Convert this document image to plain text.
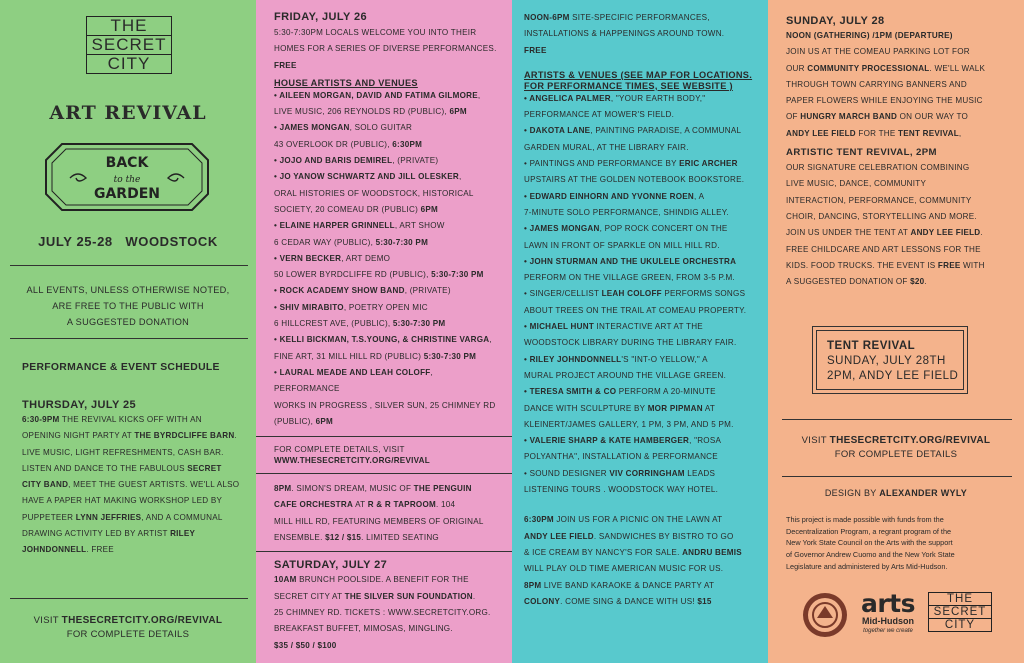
THE
SECRET
CITY
ART REVIVAL
BACK
to the
GARDEN
JULY 25-28   WOODSTOCK
ALL EVENTS, UNLESS OTHERWISE NOTED,
ARE FREE TO THE PUBLIC WITH
A SUGGESTED DONATION
PERFORMANCE & EVENT SCHEDULE
THURSDAY, JULY 25
6:30-9PM THE REVIVAL KICKS OFF WITH AN
OPENING NIGHT PARTY AT THE BYRDCLIFFE BARN.
LIVE MUSIC, LIGHT REFRESHMENTS, CASH BAR.
LISTEN AND DANCE TO THE FABULOUS SECRET
CITY BAND, MEET THE GUEST ARTISTS. WE'LL ALSO
HAVE A PAPER HAT MAKING WORKSHOP LED BY
PUPPETEER LYNN JEFFRIES, AND A COMMUNAL
DRAWING ACTIVITY LED BY ARTIST RILEY
JOHNDONNELL. FREE
VISIT THESECRETCITY.ORG/REVIVAL
FOR COMPLETE DETAILS
FRIDAY, JULY 26
5:30-7:30PM LOCALS WELCOME YOU INTO THEIR
HOMES FOR A SERIES OF DIVERSE PERFORMANCES.
FREE
HOUSE ARTISTS AND VENUES
• AILEEN MORGAN, DAVID AND FATIMA GILMORE,
LIVE MUSIC, 206 REYNOLDS RD (PUBLIC), 6PM
• JAMES MONGAN, SOLO GUITAR
43 OVERLOOK DR (PUBLIC), 6:30PM
• JOJO AND BARIS DEMIREL, (PRIVATE)
• JO YANOW SCHWARTZ AND JILL OLESKER,
ORAL HISTORIES OF WOODSTOCK, HISTORICAL
SOCIETY, 20 COMEAU DR (PUBLIC) 6PM
• ELAINE HARPER GRINNELL, ART SHOW
6 CEDAR WAY (PUBLIC), 5:30-7:30 PM
• VERN BECKER, ART DEMO
50 LOWER BYRDCLIFFE RD (PUBLIC), 5:30-7:30 PM
• ROCK ACADEMY SHOW BAND, (PRIVATE)
• SHIV MIRABITO, POETRY OPEN MIC
6 HILLCREST AVE, (PUBLIC), 5:30-7:30 PM
• KELLI BICKMAN, T.S.YOUNG, & CHRISTINE VARGA,
FINE ART, 31 MILL HILL RD (PUBLIC) 5:30-7:30 PM
• LAURAL MEADE AND LEAH COLOFF, PERFORMANCE
WORKS IN PROGRESS , SILVER SUN, 25 CHIMNEY RD
(PUBLIC), 6PM
FOR COMPLETE DETAILS, VISIT
WWW.THESECRETCITY.ORG/REVIVAL
8PM. SIMON'S DREAM, MUSIC OF THE PENGUIN
CAFE ORCHESTRA AT R & R TAPROOM. 104
MILL HILL RD, FEATURING MEMBERS OF ORIGINAL
ENSEMBLE. $12 / $15. LIMITED SEATING
SATURDAY, JULY 27
10AM BRUNCH POOLSIDE. A BENEFIT FOR THE
SECRET CITY AT THE SILVER SUN FOUNDATION.
25 CHIMNEY RD. TICKETS : WWW.SECRETCITY.ORG.
BREAKFAST BUFFET, MIMOSAS, MINGLING.
$35 / $50 / $100
NOON-6PM SITE-SPECIFIC PERFORMANCES,
INSTALLATIONS & HAPPENINGS AROUND TOWN.
FREE
ARTISTS & VENUES (SEE MAP FOR LOCATIONS.
FOR PERFORMANCE TIMES, SEE WEBSITE )
• ANGELICA PALMER, "YOUR EARTH BODY,"
PERFORMANCE AT MOWER'S FIELD.
• DAKOTA LANE, PAINTING PARADISE, A COMMUNAL
GARDEN MURAL, AT THE LIBRARY FAIR.
• PAINTINGS AND PERFORMANCE BY ERIC ARCHER
UPSTAIRS AT THE GOLDEN NOTEBOOK BOOKSTORE.
• EDWARD EINHORN AND YVONNE ROEN, A
7-MINUTE SOLO PERFORMANCE, SHINDIG ALLEY.
• JAMES MONGAN, POP ROCK CONCERT ON THE
LAWN IN FRONT OF SPARKLE ON MILL HILL RD.
• JOHN STURMAN AND THE UKULELE ORCHESTRA
PERFORM ON THE VILLAGE GREEN, FROM 3-5 P.M.
• SINGER/CELLIST LEAH COLOFF PERFORMS SONGS
ABOUT TREES ON THE TRAIL AT COMEAU PROPERTY.
• MICHAEL HUNT INTERACTIVE ART AT THE
WOODSTOCK LIBRARY DURING THE LIBRARY FAIR.
• RILEY JOHNDONNELL'S "INT-O YELLOW," A
MURAL PROJECT AROUND THE VILLAGE GREEN.
• TERESA SMITH & CO PERFORM A 20-MINUTE
DANCE WITH SCULPTURE BY MOR PIPMAN AT
KLEINERT/JAMES GALLERY, 1 PM, 3 PM, AND 5 PM.
• VALERIE SHARP & KATE HAMBERGER, "ROSA
POLYANTHA", INSTALLATION & PERFORMANCE
• SOUND DESIGNER VIV CORRINGHAM LEADS
LISTENING TOURS . WOODSTOCK WAY HOTEL.
6:30PM JOIN US FOR A PICNIC ON THE LAWN AT
ANDY LEE FIELD. SANDWICHES BY BISTRO TO GO
& ICE CREAM BY NANCY'S FOR SALE. ANDRU BEMIS
WILL PLAY OLD TIME AMERICAN MUSIC FOR US.
8PM LIVE BAND KARAOKE & DANCE PARTY AT
COLONY. COME SING & DANCE WITH US! $15
SUNDAY, JULY 28
NOON (GATHERING) /1PM (DEPARTURE)
JOIN US AT THE COMEAU PARKING LOT FOR
OUR COMMUNITY PROCESSIONAL. WE'LL WALK
THROUGH TOWN CARRYING BANNERS AND
PAPER FLOWERS WHILE ENJOYING THE MUSIC
OF HUNGRY MARCH BAND ON OUR WAY TO
ANDY LEE FIELD FOR THE TENT REVIVAL,
ARTISTIC TENT REVIVAL, 2PM
OUR SIGNATURE CELEBRATION COMBINING
LIVE MUSIC, DANCE, COMMUNITY
INTERACTION, PERFORMANCE, COMMUNITY
CHOIR, DANCING, STORYTELLING AND MORE.
JOIN US UNDER THE TENT AT ANDY LEE FIELD.
FREE CHILDCARE AND ART LESSONS FOR THE
KIDS. FOOD TRUCKS. THE EVENT IS FREE WITH
A SUGGESTED DONATION OF $20.
TENT REVIVAL
SUNDAY, JULY 28TH
2PM, ANDY LEE FIELD
VISIT THESECRETCITY.ORG/REVIVAL
FOR COMPLETE DETAILS
DESIGN BY ALEXANDER WYLY
This project is made possible with funds from the
Decentralization Program, a regrant program of the
New York State Council on the Arts with the support
of Governor Andrew Cuomo and the New York State
Legislature and administered by Arts Mid-Hudson.
arts
Mid-Hudson
together we create
THE
SECRET
CITY
